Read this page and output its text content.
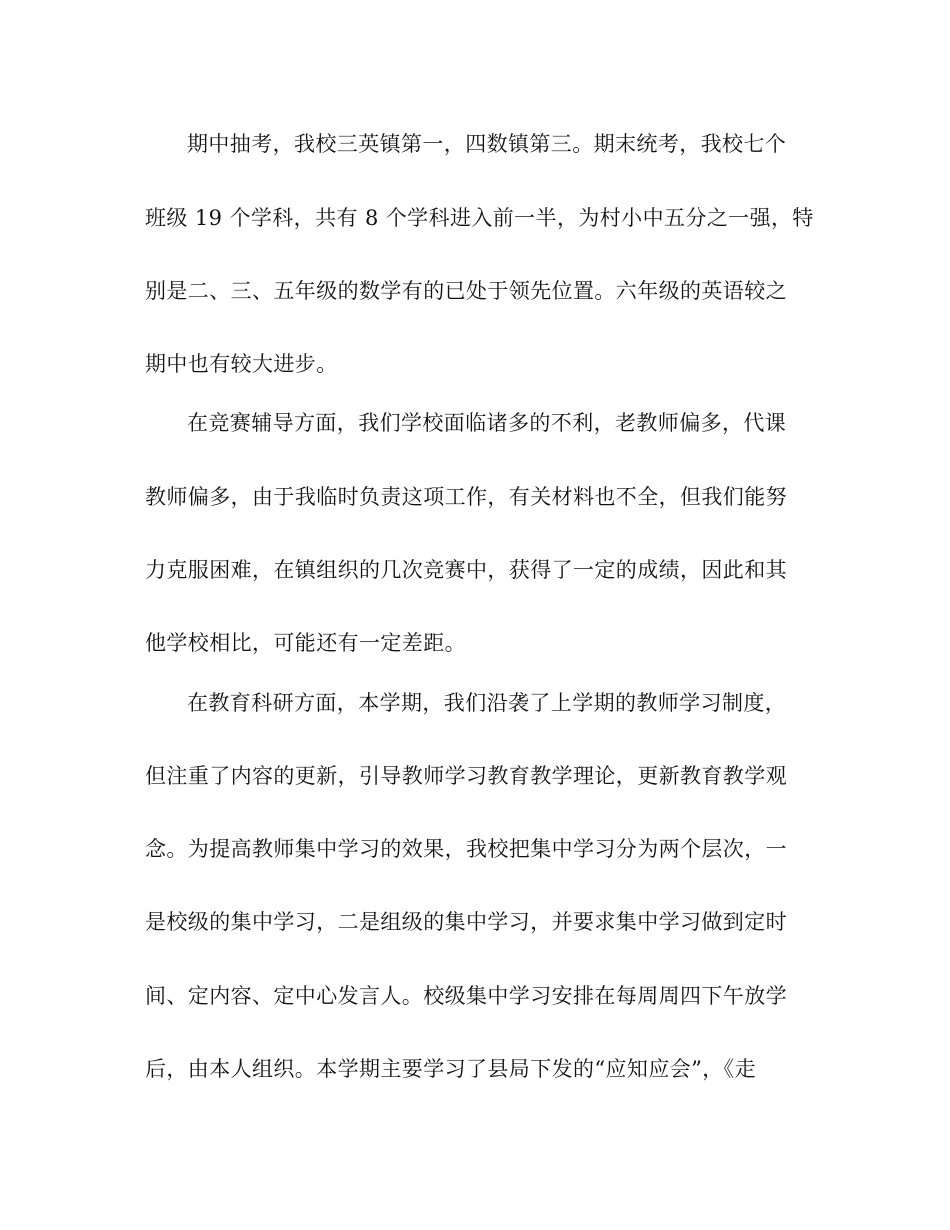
期中抽考，我校三英镇第一，四数镇第三。期末统考，我校七个
班级 19 个学科，共有 8 个学科进入前一半，为村小中五分之一强，特
别是二、三、五年级的数学有的已处于领先位置。六年级的英语较之
期中也有较大进步。
在竞赛辅导方面，我们学校面临诸多的不利，老教师偏多，代课
教师偏多，由于我临时负责这项工作，有关材料也不全，但我们能努
力克服困难，在镇组织的几次竞赛中，获得了一定的成绩，因此和其
他学校相比，可能还有一定差距。
在教育科研方面，本学期，我们沿袭了上学期的教师学习制度，
但注重了内容的更新，引导教师学习教育教学理论，更新教育教学观
念。为提高教师集中学习的效果，我校把集中学习分为两个层次，一
是校级的集中学习，二是组级的集中学习，并要求集中学习做到定时
间、定内容、定中心发言人。校级集中学习安排在每周周四下午放学
后，由本人组织。本学期主要学习了县局下发的“应知应会”，《走
